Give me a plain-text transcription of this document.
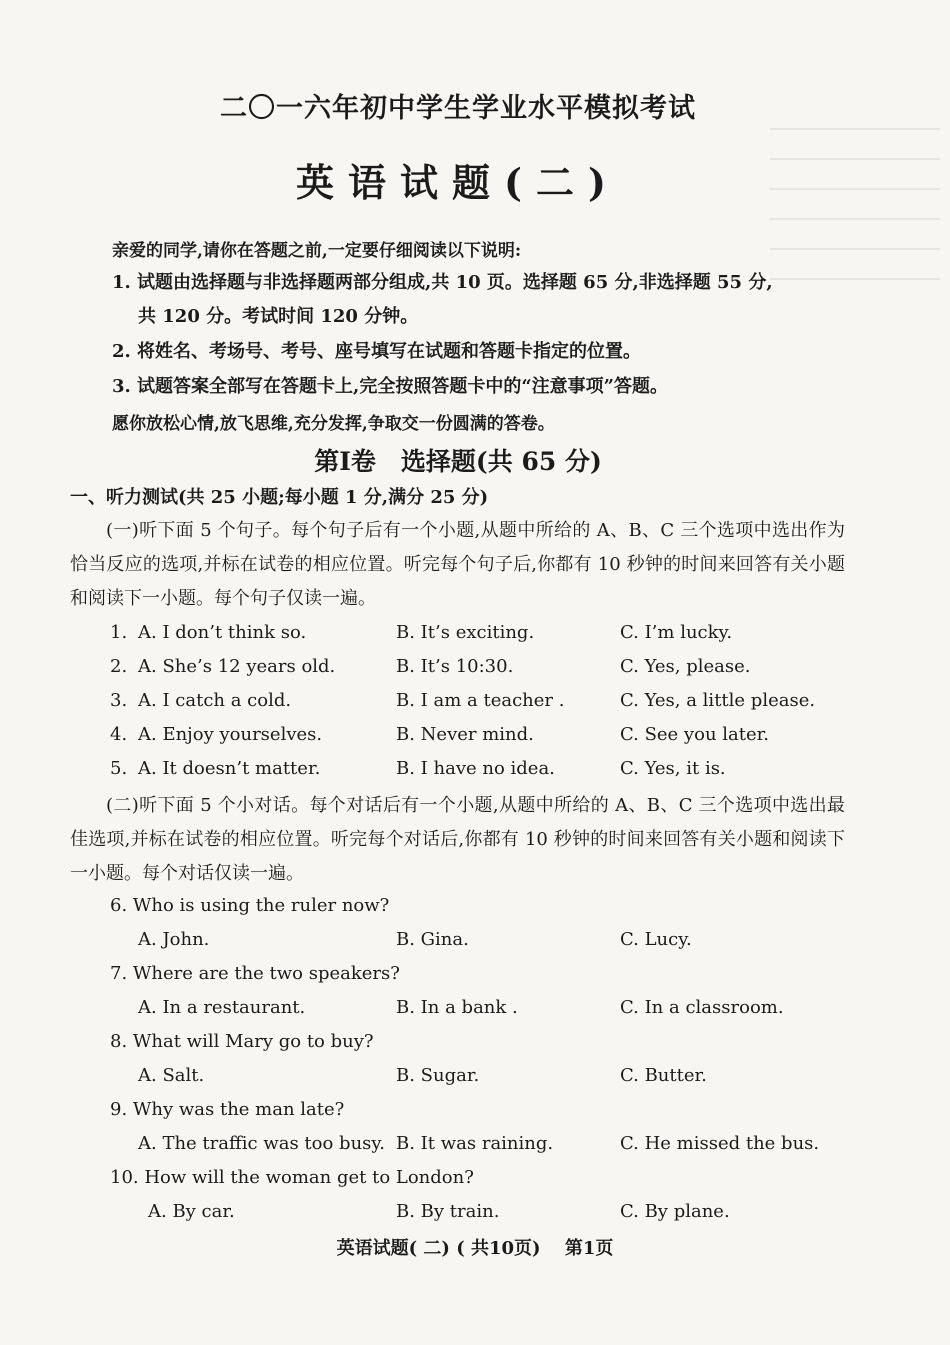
二〇一六年初中学生学业水平模拟考试
英语试题(二)
亲爱的同学,请你在答题之前,一定要仔细阅读以下说明:
1. 试题由选择题与非选择题两部分组成,共 10 页。选择题 65 分,非选择题 55 分,
共 120 分。考试时间 120 分钟。
2. 将姓名、考场号、考号、座号填写在试题和答题卡指定的位置。
3. 试题答案全部写在答题卡上,完全按照答题卡中的“注意事项”答题。
愿你放松心情,放飞思维,充分发挥,争取交一份圆满的答卷。
第Ⅰ卷　选择题(共 65 分)
一、听力测试(共 25 小题;每小题 1 分,满分 25 分)
(一)听下面 5 个句子。每个句子后有一个小题,从题中所给的 A、B、C 三个选项中选出作为恰当反应的选项,并标在试卷的相应位置。听完每个句子后,你都有 10 秒钟的时间来回答有关小题和阅读下一小题。每个句子仅读一遍。
1. A. I don’t think so.	B. It’s exciting.	C. I’m lucky.
2. A. She’s 12 years old.	B. It’s 10:30.	C. Yes, please.
3. A. I catch a cold.	B. I am a teacher .	C. Yes, a little please.
4. A. Enjoy yourselves.	B. Never mind.	C. See you later.
5. A. It doesn’t matter.	B. I have no idea.	C. Yes, it is.
(二)听下面 5 个小对话。每个对话后有一个小题,从题中所给的 A、B、C 三个选项中选出最佳选项,并标在试卷的相应位置。听完每个对话后,你都有 10 秒钟的时间来回答有关小题和阅读下一小题。每个对话仅读一遍。
6. Who is using the ruler now?
A. John.	B. Gina.	C. Lucy.
7. Where are the two speakers?
A. In a restaurant.	B. In a bank .	C. In a classroom.
8. What will Mary go to buy?
A. Salt.	B. Sugar.	C. Butter.
9. Why was the man late?
A. The traffic was too busy. B. It was raining.	C. He missed the bus.
10. How will the woman get to London?
A. By car.	B. By train.	C. By plane.
英语试题( 二) ( 共10页)　 第1页
